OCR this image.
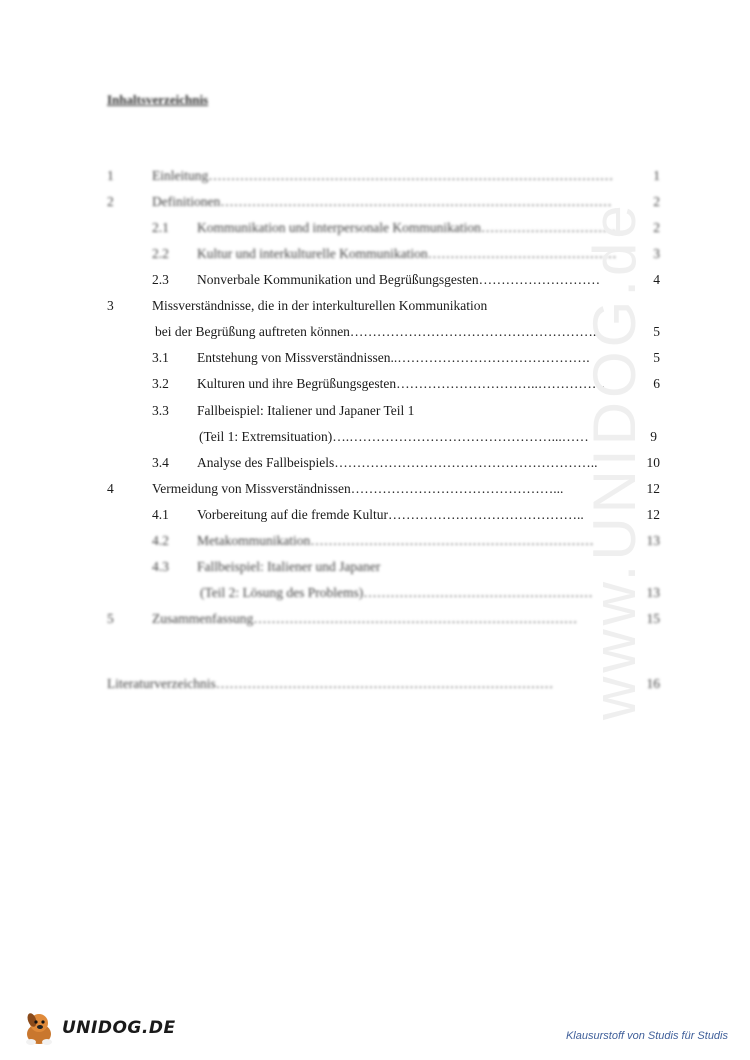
Inhaltsverzeichnis
1	Einleitung………………………………………………………………………………	1
2	Definitionen……………………………………………………………………………	2
2.1 Kommunikation und interpersonale Kommunikation…………………………	2
2.2 Kultur und interkulturelle Kommunikation……………………………………	3
2.3 Nonverbale Kommunikation und Begrüßungsgesten………………………	4
3	Missverständnisse, die in der interkulturellen Kommunikation
bei der Begrüßung auftreten können……………………………………………….	5
3.1 Entstehung von Missverständnissen..…………………………………….	5
3.2 Kulturen und ihre Begrüßungsgesten…………………………..……………	6
3.3 Fallbeispiel: Italiener und Japaner Teil 1
(Teil 1: Extremsituation)….………………………………………...……	9
3.4 Analyse des Fallbeispiels…………………………………………………..	10
4	Vermeidung von Missverständnissen………………………………………...	12
4.1 Vorbereitung auf die fremde Kultur……………………………………..	12
4.2 Metakommunikation………………………………………………………	13
4.3 Fallbeispiel: Italiener und Japaner
(Teil 2: Lösung des Problems)……………………………………………	13
5	Zusammenfassung………………………………………………………………	15
Literaturverzeichnis…………………………………………………………………	16
www.UNIDOG.de
UNIDOG.DE	Klausurstoff von Studis für Studis
